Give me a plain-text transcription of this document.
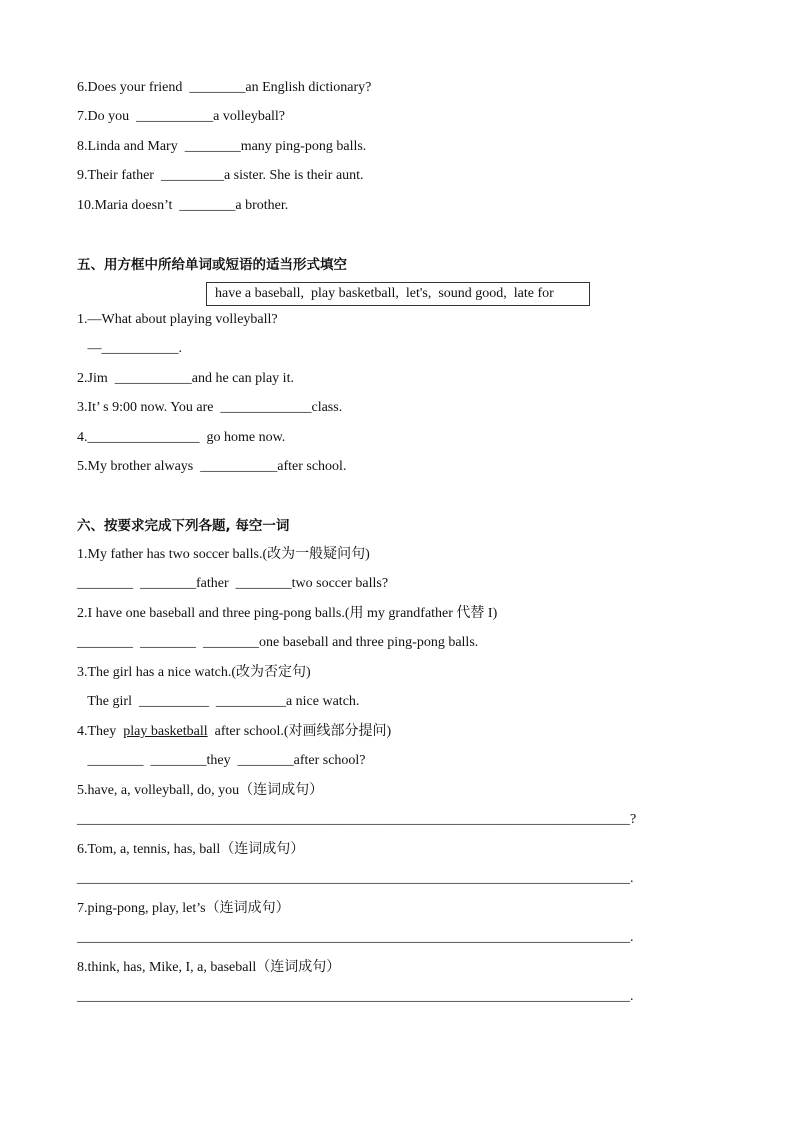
6.Does your friend  ________an English dictionary?
7.Do you  ___________a volleyball?
8.Linda and Mary  ________many ping-pong balls.
9.Their father  _________a sister. She is their aunt.
10.Maria doesn’t  ________a brother.
五、用方框中所给单词或短语的适当形式填空
have a baseball,  play basketball,  let's,  sound good,  late for
1.—What about playing volleyball?
—___________.
2.Jim  ___________and he can play it.
3.It’ s 9:00 now. You are  _____________class.
4.________________  go home now.
5.My brother always  ___________after school.
六、按要求完成下列各题, 每空一词
1.My father has two soccer balls.(改为一般疑问句)
________  ________father  ________two soccer balls?
2.I have one baseball and three ping-pong balls.(用 my grandfather 代替 I)
________  ________  ________one baseball and three ping-pong balls.
3.The girl has a nice watch.(改为否定句)
The girl  __________  __________a nice watch.
4.They  play basketball  after school.(对画线部分提问)
________  ________they  ________after school?
5.have, a, volleyball, do, you（连词成句）
_______________________________________________________________________________?
6.Tom, a, tennis, has, ball（连词成句）
_______________________________________________________________________________.
7.ping-pong, play, let’s（连词成句）
_______________________________________________________________________________.
8.think, has, Mike, I, a, baseball（连词成句）
_______________________________________________________________________________.
